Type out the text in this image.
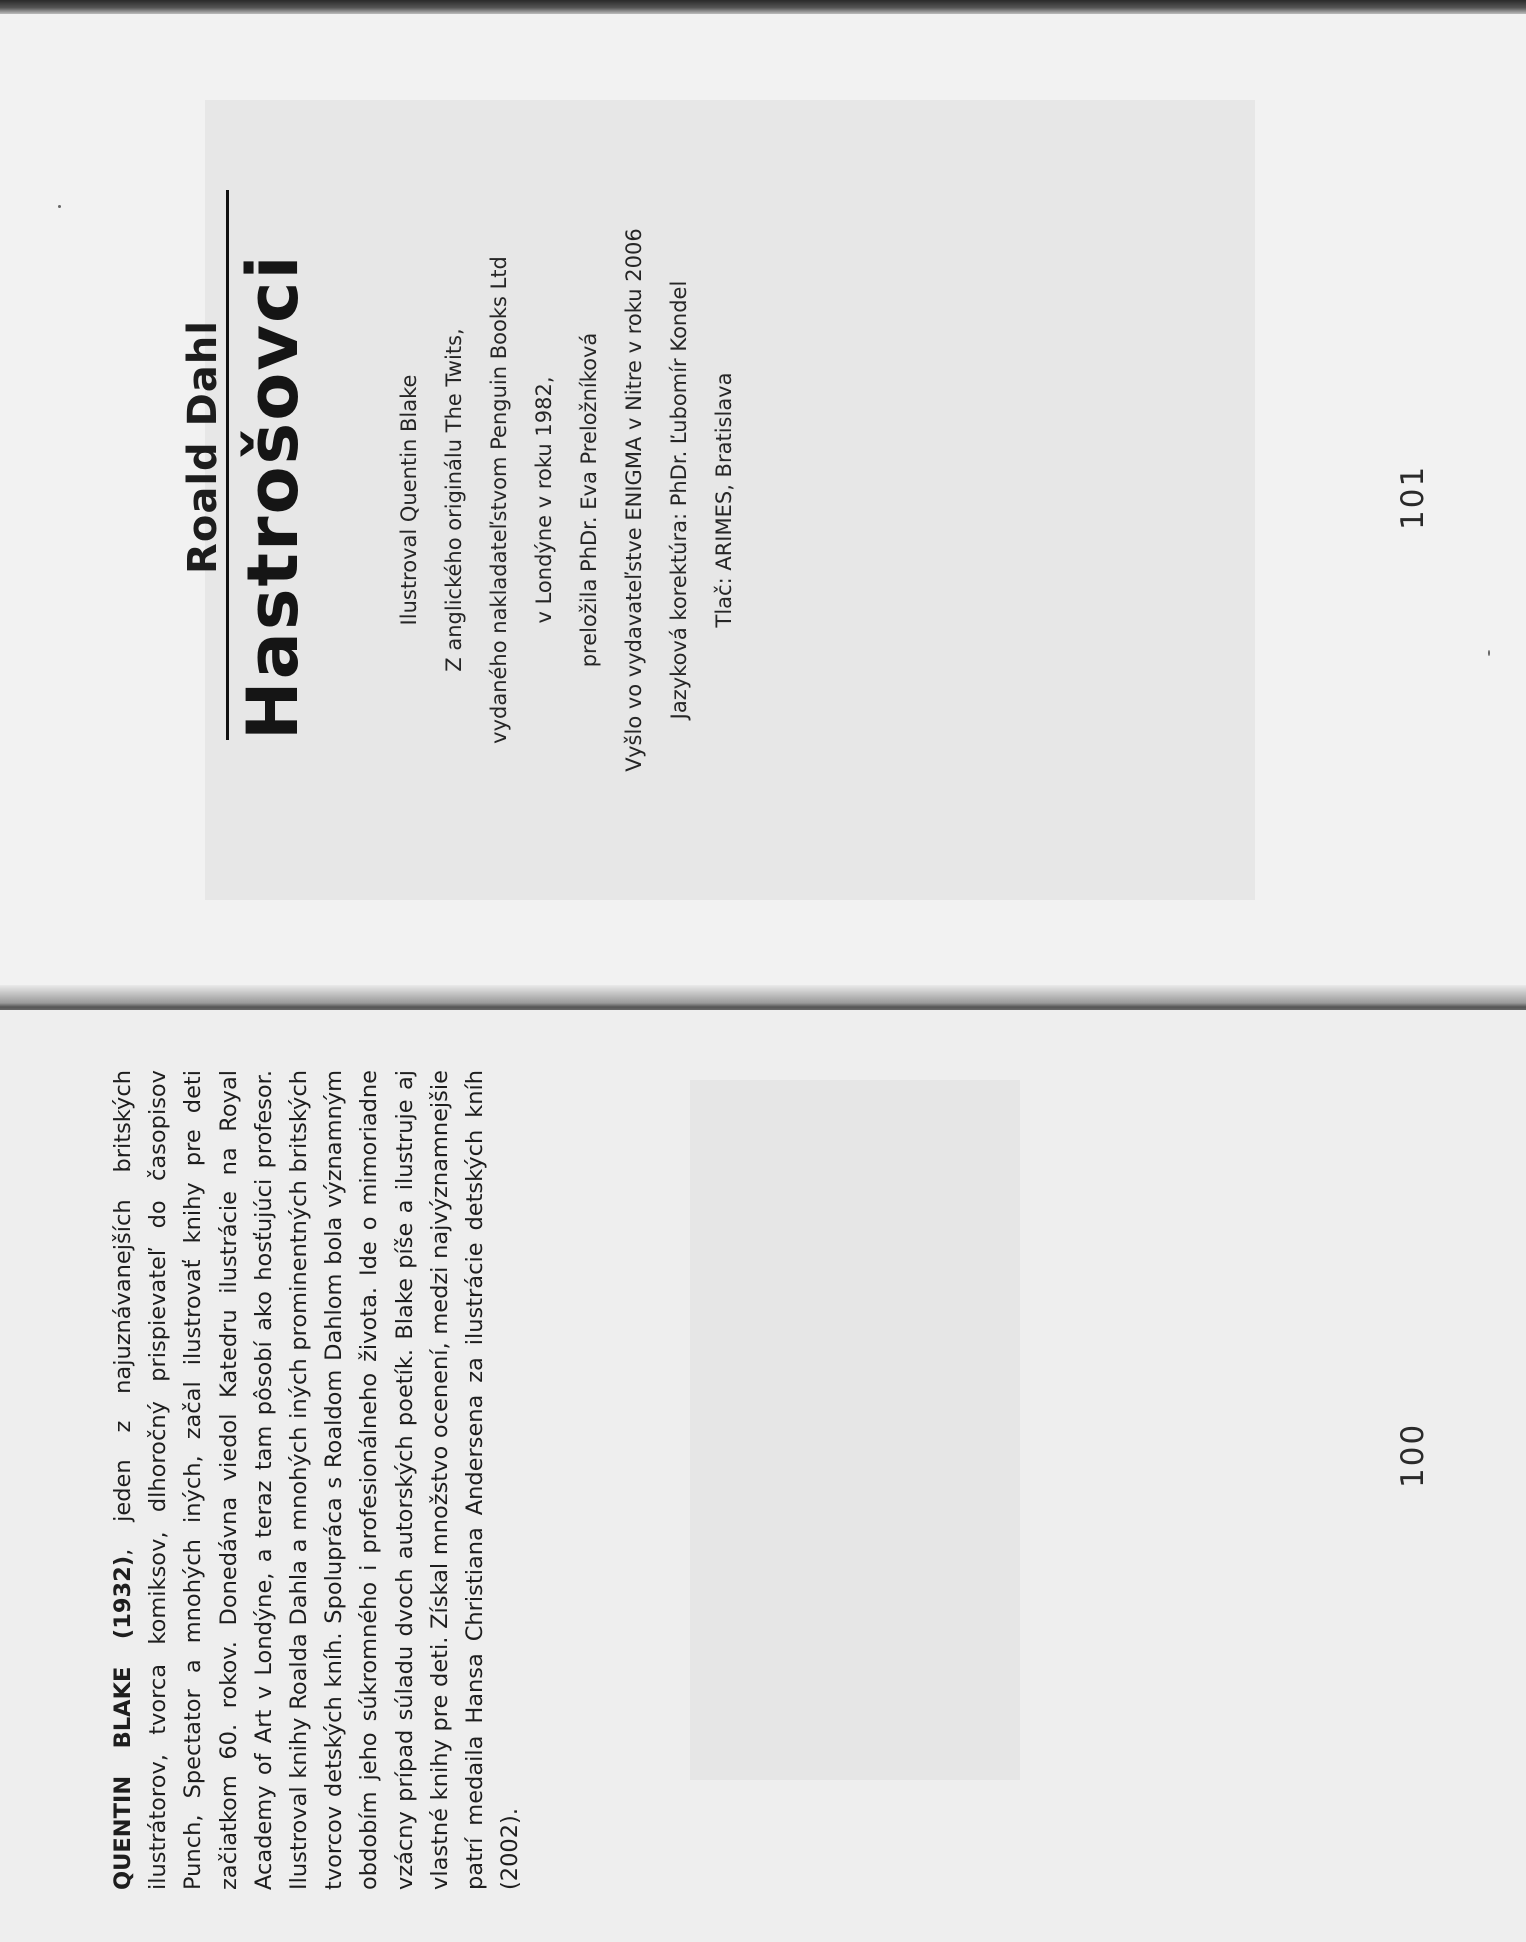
Roald Dahl Hastrošovci	Ilustroval Quentin Blake	Z anglického originálu The Twits,	vydaného nakladateľstvom Penguin Books Ltd	v Londýne v roku 1982,	preložila PhDr. Eva Preložníková	Vyšlo vo vydavateľstve ENIGMA v Nitre v roku 2006	Jazyková korektúra: PhDr. Ľubomír Kondel	Tlač: ARIMES, Bratislava	101

QUENTIN BLAKE (1932), jeden z najuznávanejších britských ilustrátorov, tvorca komiksov, dlhoročný prispievateľ do časopisov Punch, Spectator a mnohých iných, začal ilustrovať knihy pre deti začiatkom 60. rokov. Donedávna viedol Katedru ilustrácie na Royal Academy of Art v Londýne, a teraz tam pôsobí ako hosťujúci profesor. Ilustroval knihy Roalda Dahla a mnohých iných prominentných britských tvorcov detských kníh. Spolupráca s Roaldom Dahlom bola významným obdobím jeho súkromného i profesionálneho života. Ide o mimoriadne vzácny prípad súladu dvoch autorských poetík. Blake píše a ilustruje aj vlastné knihy pre deti. Získal množstvo ocenení, medzi najvýznamnejšie patrí medaila Hansa Christiana Andersena za ilustrácie detských kníh (2002).

100
